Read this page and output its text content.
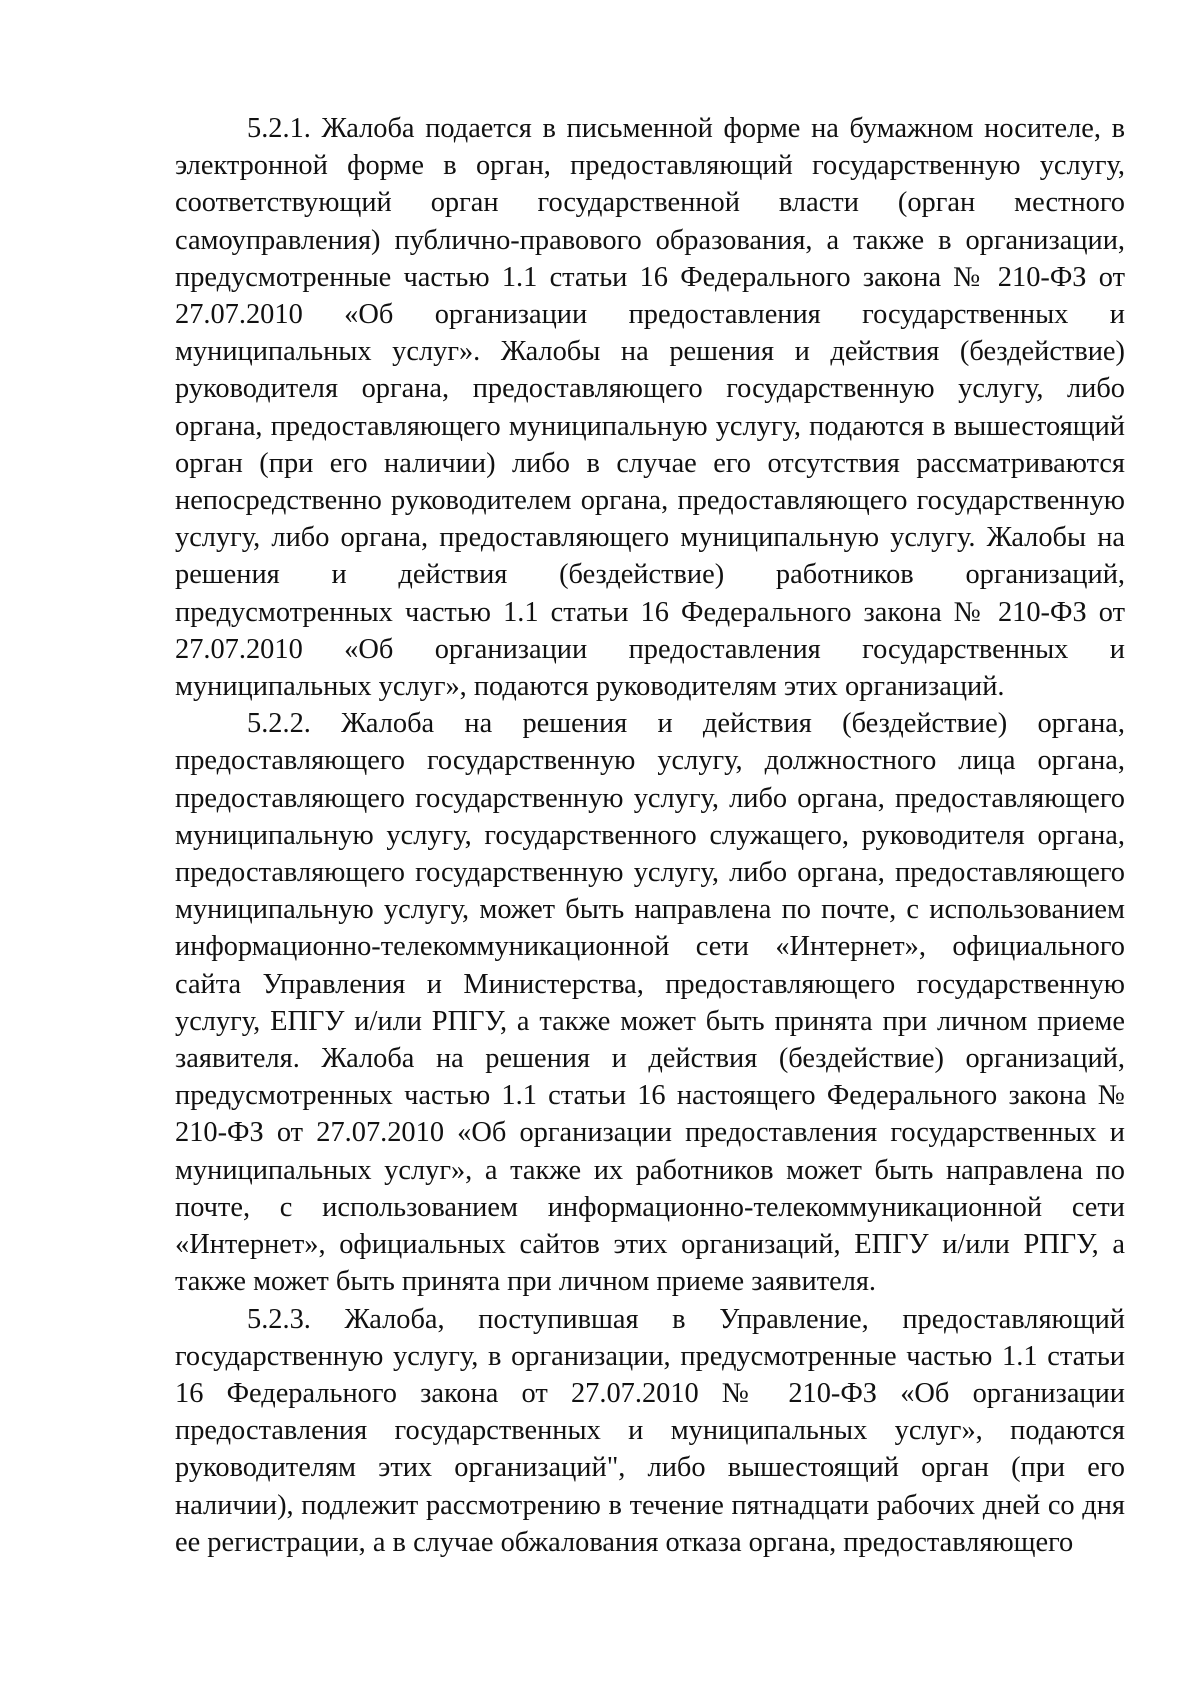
5.2.1. Жалоба подается в письменной форме на бумажном носителе, в электронной форме в орган, предоставляющий государственную услугу, соответствующий орган государственной власти (орган местного самоуправления) публично-правового образования, а также в организации, предусмотренные частью 1.1 статьи 16 Федерального закона № 210-ФЗ от 27.07.2010 «Об организации предоставления государственных и муниципальных услуг». Жалобы на решения и действия (бездействие) руководителя органа, предоставляющего государственную услугу, либо органа, предоставляющего муниципальную услугу, подаются в вышестоящий орган (при его наличии) либо в случае его отсутствия рассматриваются непосредственно руководителем органа, предоставляющего государственную услугу, либо органа, предоставляющего муниципальную услугу. Жалобы на решения и действия (бездействие) работников организаций, предусмотренных частью 1.1 статьи 16 Федерального закона № 210-ФЗ от 27.07.2010 «Об организации предоставления государственных и муниципальных услуг», подаются руководителям этих организаций.

5.2.2. Жалоба на решения и действия (бездействие) органа, предоставляющего государственную услугу, должностного лица органа, предоставляющего государственную услугу, либо органа, предоставляющего муниципальную услугу, государственного служащего, руководителя органа, предоставляющего государственную услугу, либо органа, предоставляющего муниципальную услугу, может быть направлена по почте, с использованием информационно-телекоммуникационной сети «Интернет», официального сайта Управления и Министерства, предоставляющего государственную услугу, ЕПГУ и/или РПГУ, а также может быть принята при личном приеме заявителя. Жалоба на решения и действия (бездействие) организаций, предусмотренных частью 1.1 статьи 16 настоящего Федерального закона № 210-ФЗ от 27.07.2010 «Об организации предоставления государственных и муниципальных услуг», а также их работников может быть направлена по почте, с использованием информационно-телекоммуникационной сети «Интернет», официальных сайтов этих организаций, ЕПГУ и/или РПГУ, а также может быть принята при личном приеме заявителя.

5.2.3. Жалоба, поступившая в Управление, предоставляющий государственную услугу, в организации, предусмотренные частью 1.1 статьи 16 Федерального закона от 27.07.2010 № 210-ФЗ «Об организации предоставления государственных и муниципальных услуг», подаются руководителям этих организаций", либо вышестоящий орган (при его наличии), подлежит рассмотрению в течение пятнадцати рабочих дней со дня ее регистрации, а в случае обжалования отказа органа, предоставляющего
